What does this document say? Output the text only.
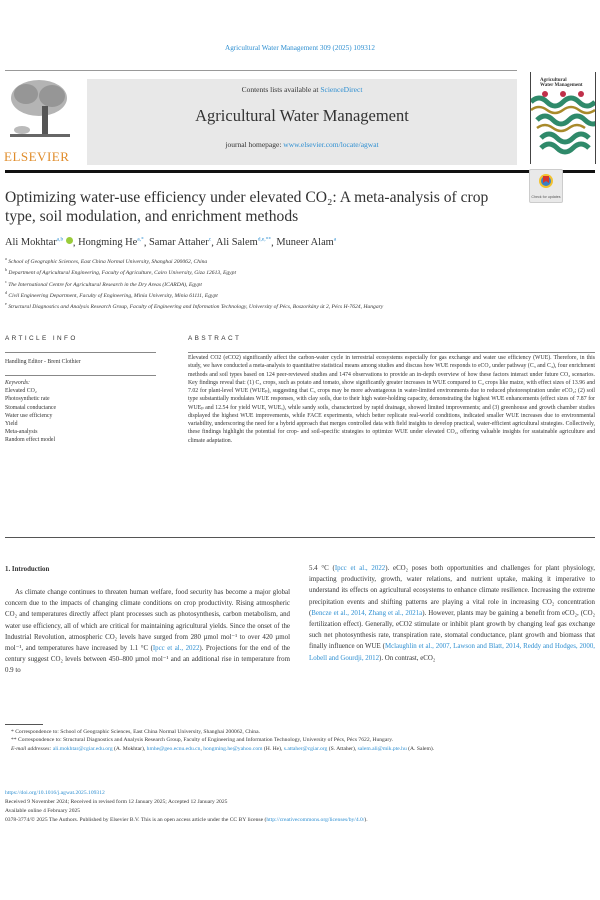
Agricultural Water Management 309 (2025) 109312
ELSEVIER
Contents lists available at ScienceDirect
Agricultural Water Management
journal homepage: www.elsevier.com/locate/agwat
Agricultural
Water Management
Check for updates
Optimizing water-use efficiency under elevated CO₂: A meta-analysis of crop type, soil modulation, and enrichment methods
Ali Mokhtar$^{a,b}$ , Hongming $He^{a,*}$, Samar Attaher$^c$, Ali Salem$^{d,e,**}$, Muneer Alam$^a$
$^a$ School of Geographic Sciences, East China Normal University, Shanghai 200062, China
$^b$ Department of Agricultural Engineering, Faculty of Agriculture, Cairo University, Giza 12613, Egypt
$^c$ The International Centre for Agricultural Research in the Dry Areas (ICARDA), Egypt
$^d$ Civil Engineering Department, Faculty of Engineering, Minia University, Minia 61111, Egypt
$^e$ Structural Diagnostics and Analysis Research Group, Faculty of Engineering and Information Technology, University of Pécs, Boszorkány út 2, Pécs H-7624, Hungary
ARTICLE INFO
Handling Editor - Brent Clothier
Keywords:
Elevated CO₂
Photosynthetic rate
Stomatal conductance
Water use efficiency
Yield
Meta-analysis
Random effect model
ABSTRACT
Elevated CO2 (eCO2) significantly affect the carbon-water cycle in terrestrial ecosystems especially for gas exchange and water use efficiency (WUE). Therefore, in this study, we have conducted a meta-analysis to quantitative statistical means among studies and discuss how WUE responds to eCO₂ under pathway (C₃ and C₄), four enrichment methods and soil types based on 124 peer-reviewed studies and 1474 observations to provide an in-depth overview of how these factors interact under future CO₂ scenarios. Key findings reveal that: (1) C₃ crops, such as potato and tomato, show significantly greater increases in WUE compared to C₄ crops like maize, with effect sizes of 13.96 and 7.02 for plant-level WUE (WUEₚ), suggesting that C₃ crops may be more advantageous in water-limited environments due to reduced photorespiration under eCO₂; (2) soil type substantially modulates WUE responses, with clay soils, due to their high water-holding capacity, demonstrating the highest WUE enhancements (effect sizes of 7.87 for WUEₚ and 12.54 for yield WUE, WUEᵧ), while sandy soils, characterized by rapid drainage, showed limited improvements; and (3) greenhouse and growth chamber studies displayed the highest WUE improvements, while FACE experiments, which better replicate real-world conditions, indicated smaller WUE increases due to environmental variability, underscoring the need for a hybrid approach that merges controlled data with field insights to develop practical, water-efficient agricultural strategies. Collectively, these findings highlight the potential for crop- and soil-specific strategies to optimize WUE under elevated CO₂, offering valuable insights for sustainable agriculture and climate adaptation.
1. Introduction
As climate change continues to threaten human welfare, food security has become a major global concern due to the impacts of changing climate conditions on crop productivity. Rising atmospheric CO₂ and temperatures directly affect plant processes such as photosynthesis, carbon metabolism, and water use efficiency, all of which are critical for maintaining agricultural yields. Since the onset of the Industrial Revolution, atmospheric CO₂ levels have surged from 280 µmol mol⁻¹ to over 420 µmol mol⁻¹, and temperatures have increased by 1.1 °C (Ipcc et al., 2022). Projections for the end of the century suggest CO₂ levels between 450–800 µmol mol⁻¹ and an additional rise in temperature from 0.9 to
5.4 °C (Ipcc et al., 2022). eCO₂ poses both opportunities and challenges for plant physiology, impacting productivity, growth, water relations, and nutrient uptake, making it imperative to understand its effects on agricultural ecosystems to enhance climate resilience. Increasing the extreme precipitation events and shifting patterns are playing a vital role in increasing CO₂ concentration (Bencze et al., 2014, Zhang et al., 2021a). However, plants may be gaining a benefit from eCO₂, (CO₂ fertilization effect). Generally, eCO2 stimulate or inhibit plant growth by changing leaf gas exchange such net photosynthesis rate, transpiration rate, stomatal conductance, plant growth and biomass that finally influence on WUE (Mclaughlin et al., 2007, Lawson and Blatt, 2014, Reddy and Hodges, 2000, Lobell and Gourdji, 2012). On contrast, eCO₂

* Correspondence to: School of Geographic Sciences, East China Normal University, Shanghai 200062, China.

** Correspondence to: Structural Diagnostics and Analysis Research Group, Faculty of Engineering and Information Technology, University of Pécs, Pécs 7622, Hungary.

E-mail addresses: ali.mokhtar@cgiar.edu.org (A. Mokhtar), hmhe@geo.ecnu.edu.cn, hongming.he@yahoo.com (H. He), s.attaher@cgiar.org (S. Attaher), salem.ali@mik.pte.hu (A. Salem).

https://doi.org/10.1016/j.agwat.2025.109312

Received 9 November 2024; Received in revised form 12 January 2025; Accepted 12 January 2025

Available online 4 February 2025

0378-3774/© 2025 The Authors. Published by Elsevier B.V. This is an open access article under the CC BY license (http://creativecommons.org/licenses/by/4.0/).
